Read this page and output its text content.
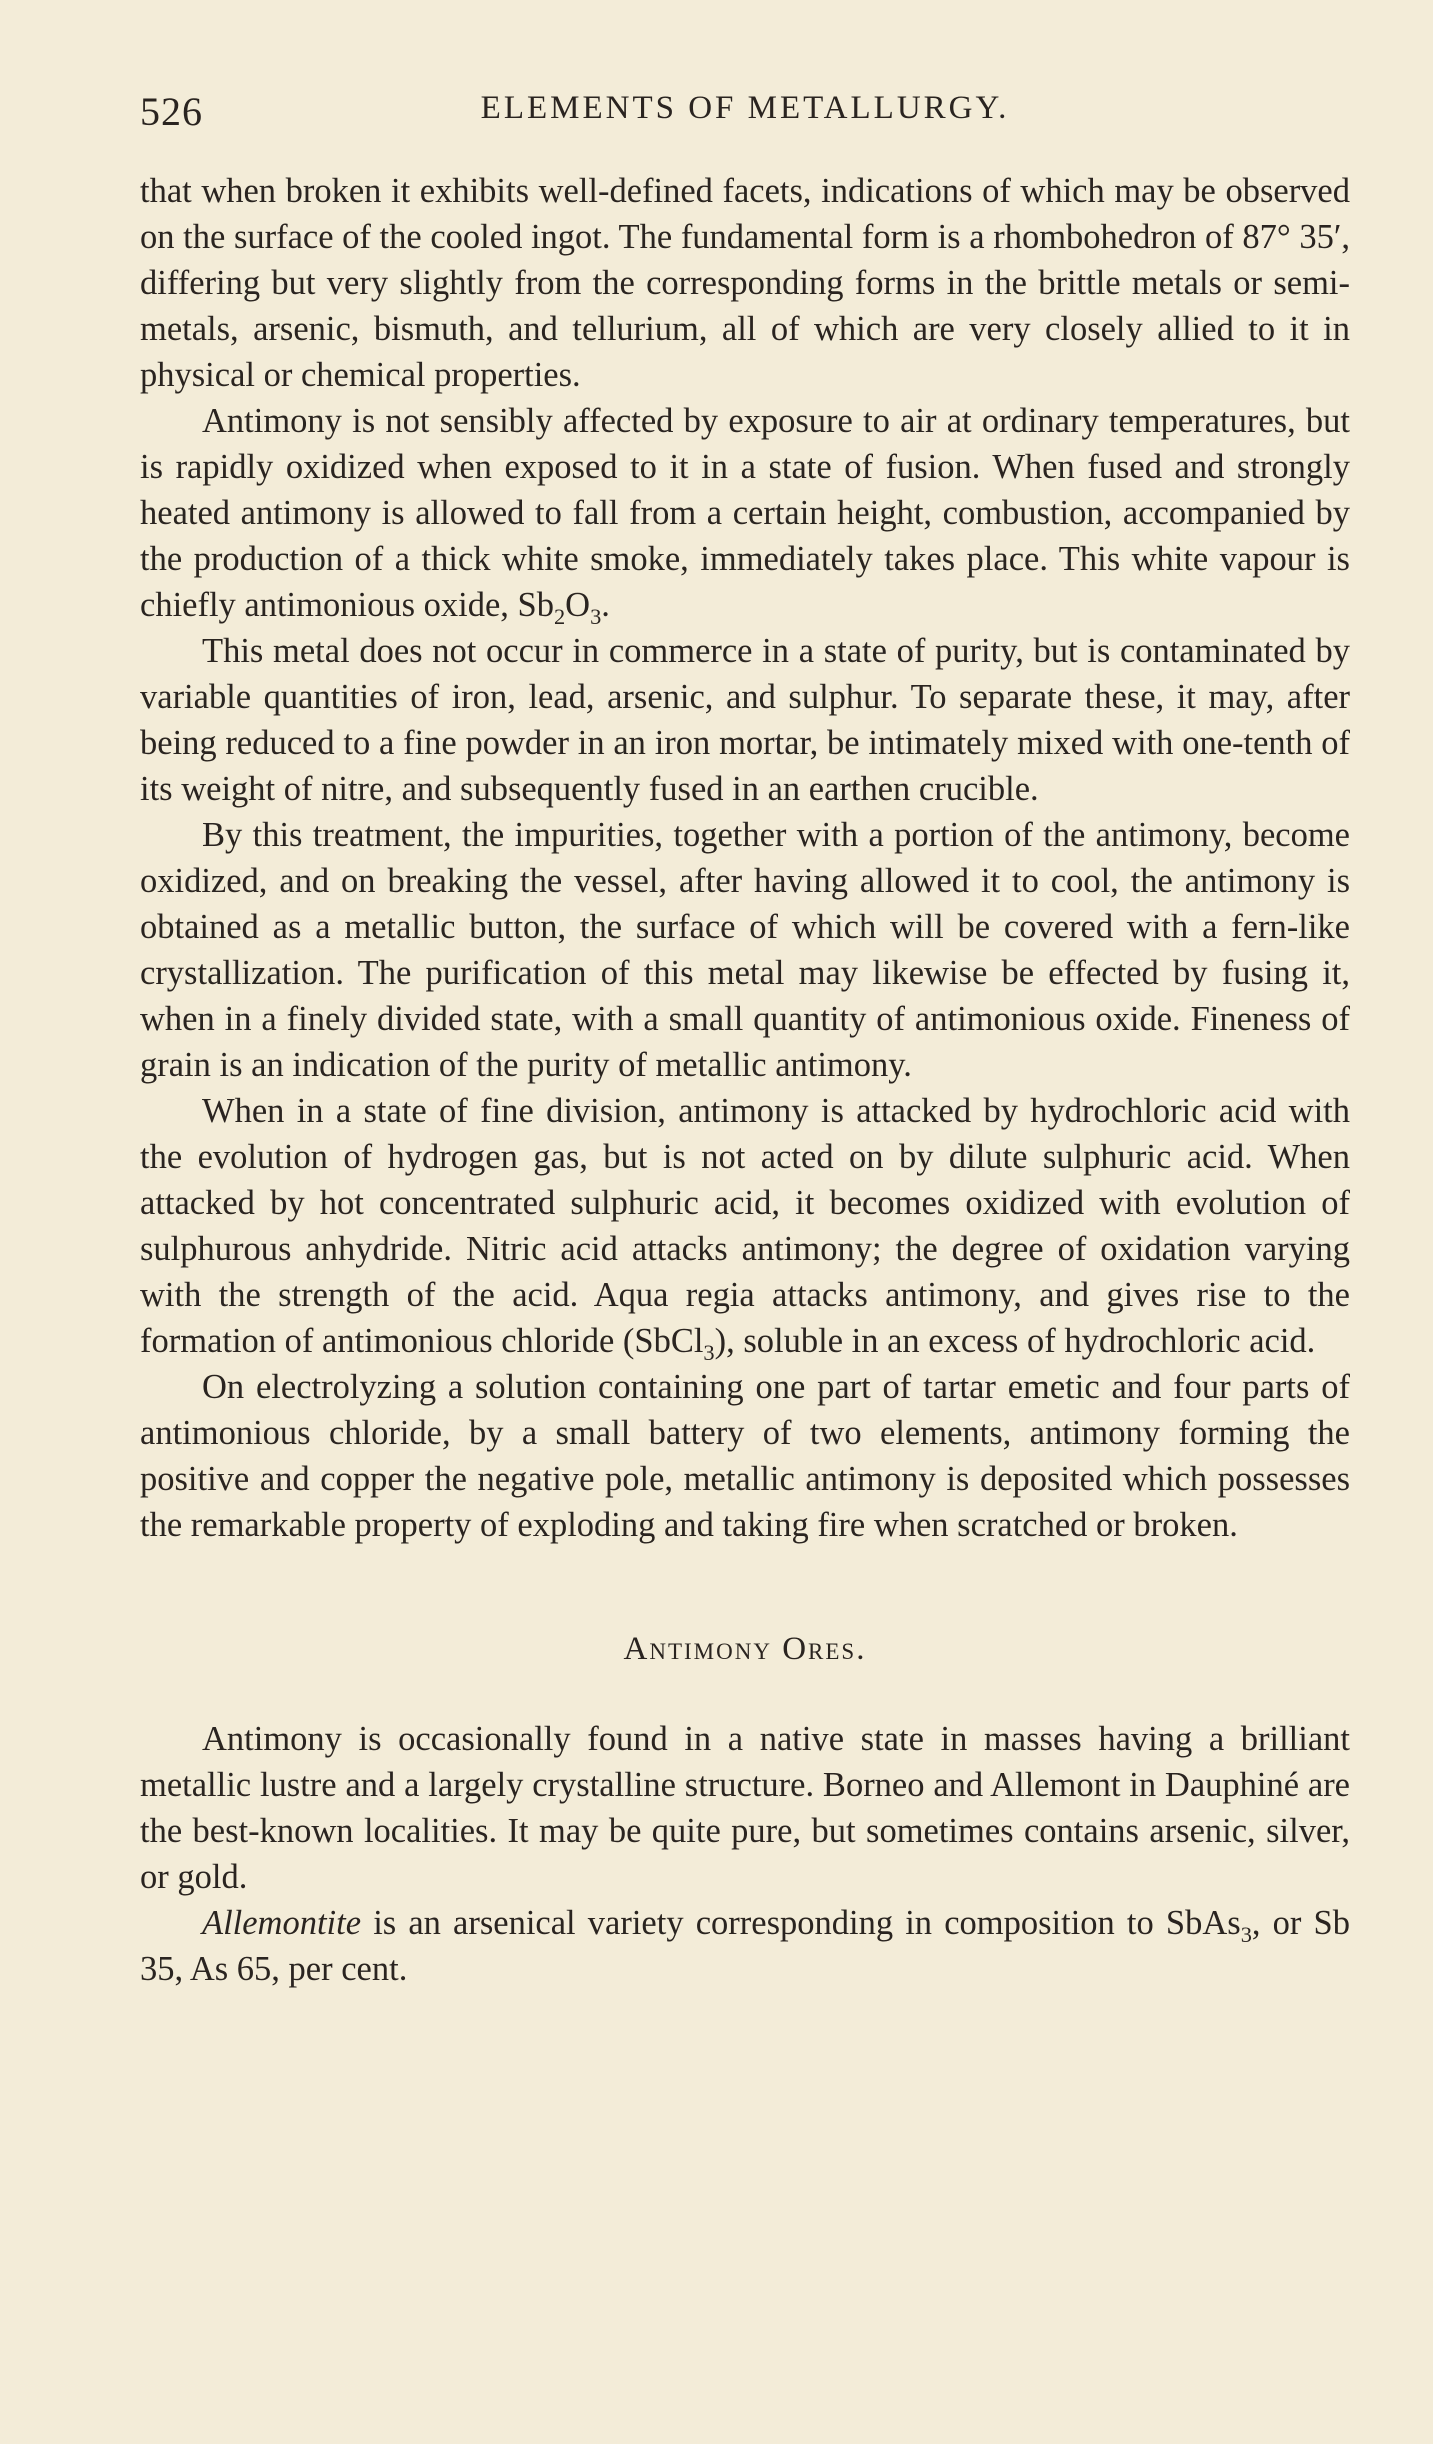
526	ELEMENTS OF METALLURGY.

that when broken it exhibits well-defined facets, indications of which may be observed on the surface of the cooled ingot. The fundamental form is a rhombohedron of 87° 35′, differing but very slightly from the corresponding forms in the brittle metals or semi-metals, arsenic, bismuth, and tellurium, all of which are very closely allied to it in physical or chemical properties.

Antimony is not sensibly affected by exposure to air at ordinary temperatures, but is rapidly oxidized when exposed to it in a state of fusion. When fused and strongly heated antimony is allowed to fall from a certain height, combustion, accompanied by the production of a thick white smoke, immediately takes place. This white vapour is chiefly antimonious oxide, $Sb_2O_3$.

This metal does not occur in commerce in a state of purity, but is contaminated by variable quantities of iron, lead, arsenic, and sulphur. To separate these, it may, after being reduced to a fine powder in an iron mortar, be intimately mixed with one-tenth of its weight of nitre, and subsequently fused in an earthen crucible.

By this treatment, the impurities, together with a portion of the antimony, become oxidized, and on breaking the vessel, after having allowed it to cool, the antimony is obtained as a metallic button, the surface of which will be covered with a fern-like crystallization. The purification of this metal may likewise be effected by fusing it, when in a finely divided state, with a small quantity of antimonious oxide. Fineness of grain is an indication of the purity of metallic antimony.

When in a state of fine division, antimony is attacked by hydrochloric acid with the evolution of hydrogen gas, but is not acted on by dilute sulphuric acid. When attacked by hot concentrated sulphuric acid, it becomes oxidized with evolution of sulphurous anhydride. Nitric acid attacks antimony; the degree of oxidation varying with the strength of the acid. Aqua regia attacks antimony, and gives rise to the formation of antimonious chloride (SbCl$_3$), soluble in an excess of hydrochloric acid.

On electrolyzing a solution containing one part of tartar emetic and four parts of antimonious chloride, by a small battery of two elements, antimony forming the positive and copper the negative pole, metallic antimony is deposited which possesses the remarkable property of exploding and taking fire when scratched or broken.

Antimony Ores.

Antimony is occasionally found in a native state in masses having a brilliant metallic lustre and a largely crystalline structure. Borneo and Allemont in Dauphiné are the best-known localities. It may be quite pure, but sometimes contains arsenic, silver, or gold.

Allemontite is an arsenical variety corresponding in composition to SbAs$_3$, or Sb 35, As 65, per cent.
